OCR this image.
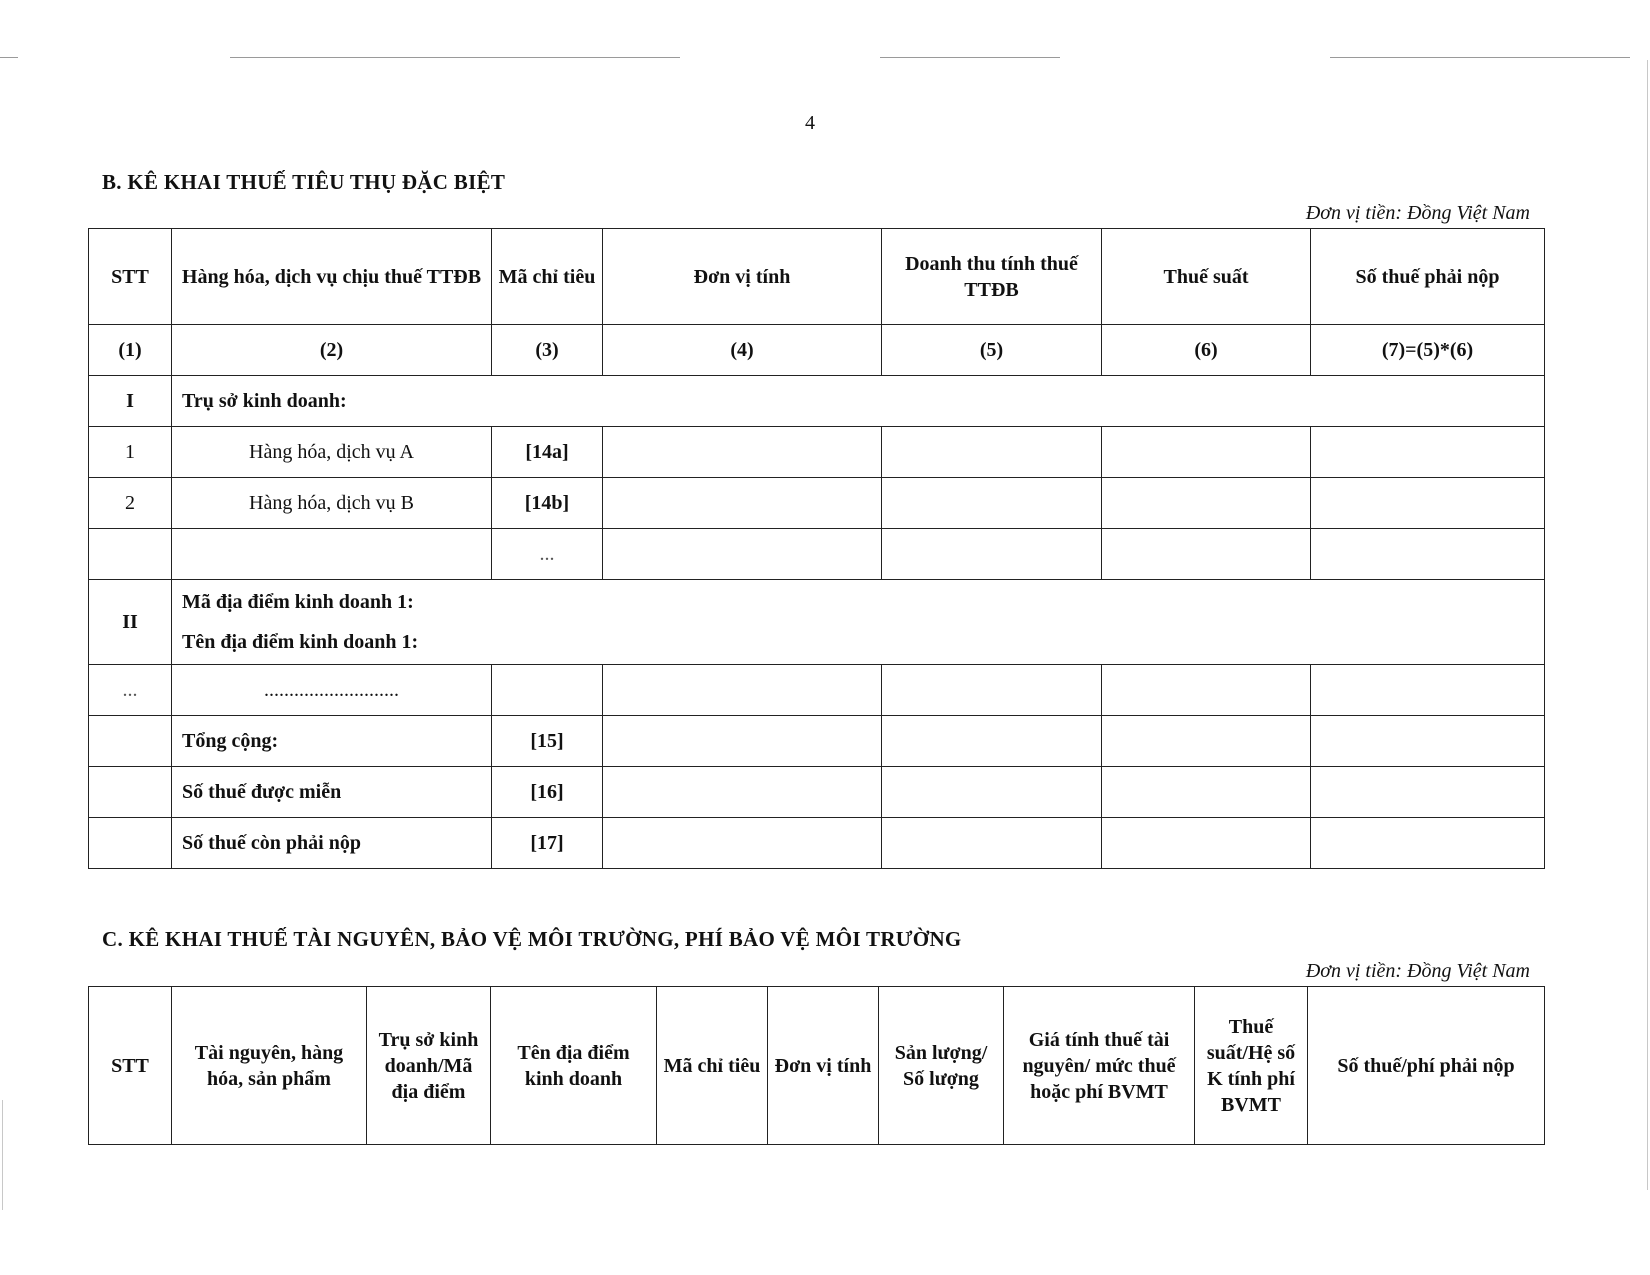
4
B. KÊ KHAI THUẾ TIÊU THỤ ĐẶC BIỆT
Đơn vị tiền: Đồng Việt Nam
STT	Hàng hóa, dịch vụ chịu thuế TTĐB	Mã chỉ tiêu	Đơn vị tính	Doanh thu tính thuế TTĐB	Thuế suất	Số thuế phải nộp
(1)	(2)	(3)	(4)	(5)	(6)	(7)=(5)*(6)
I	Trụ sở kinh doanh:					
1	Hàng hóa, dịch vụ A	[14a]				
2	Hàng hóa, dịch vụ B	[14b]				
		...				
II	Mã địa điểm kinh doanh 1:
Tên địa điểm kinh doanh 1:					

...	...........................					
	Tổng cộng:	[15]				
	Số thuế được miễn	[16]				
	Số thuế còn phải nộp	[17]				
C. KÊ KHAI THUẾ TÀI NGUYÊN, BẢO VỆ MÔI TRƯỜNG, PHÍ BẢO VỆ MÔI TRƯỜNG
Đơn vị tiền: Đồng Việt Nam
STT	Tài nguyên, hàng hóa, sản phẩm	Trụ sở kinh doanh/Mã địa điểm	Tên địa điểm kinh doanh	Mã chỉ tiêu	Đơn vị tính	Sản lượng/ Số lượng	Giá tính thuế tài nguyên/ mức thuế hoặc phí BVMT	Thuế suất/Hệ số K tính phí BVMT	Số thuế/phí phải nộp
